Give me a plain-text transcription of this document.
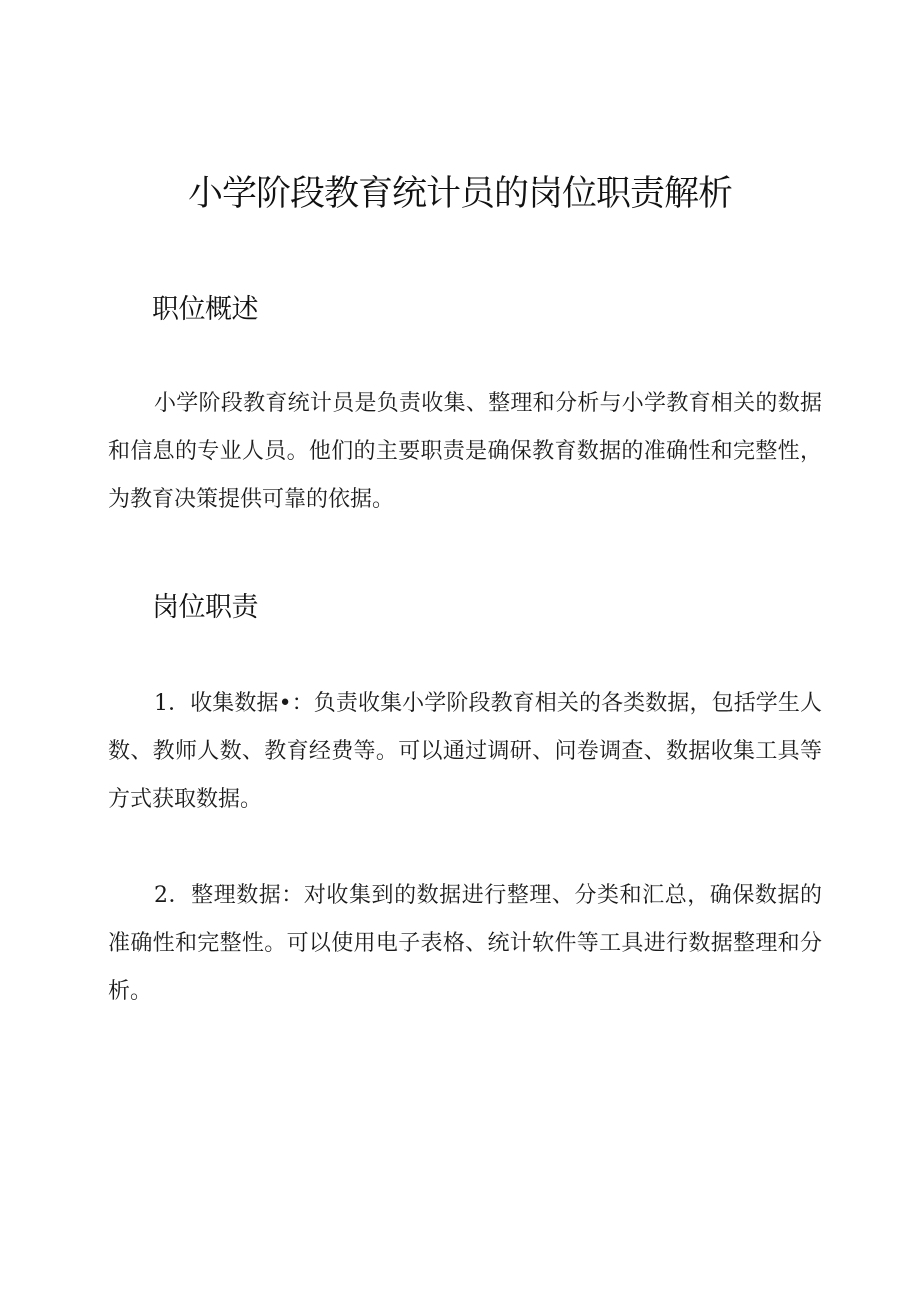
小学阶段教育统计员的岗位职责解析
职位概述

小学阶段教育统计员是负责收集、整理和分析与小学教育相关的数据和信息的专业人员。他们的主要职责是确保教育数据的准确性和完整性，为教育决策提供可靠的依据。

岗位职责

1．收集数据•：负责收集小学阶段教育相关的各类数据，包括学生人数、教师人数、教育经费等。可以通过调研、问卷调查、数据收集工具等方式获取数据。

2．整理数据：对收集到的数据进行整理、分类和汇总，确保数据的准确性和完整性。可以使用电子表格、统计软件等工具进行数据整理和分析。
